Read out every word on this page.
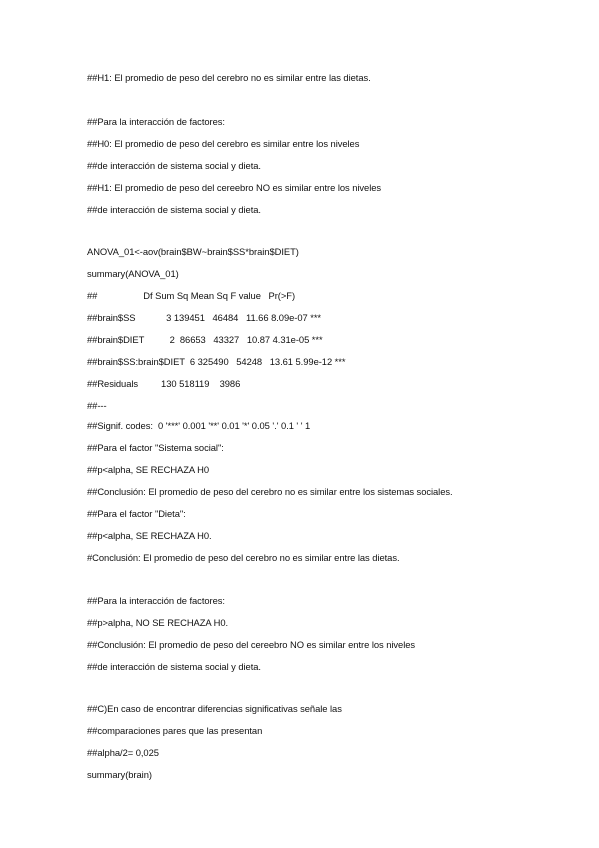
##H1: El promedio de peso del cerebro no es similar entre las dietas.
##Para la interacción de factores:
##H0: El promedio de peso del cerebro es similar entre los niveles
##de interacción de sistema social y dieta.
##H1: El promedio de peso del cereebro NO es similar entre los niveles
##de interacción de sistema social y dieta.
ANOVA_01<-aov(brain$BW~brain$SS*brain$DIET)
summary(ANOVA_01)
##                  Df Sum Sq Mean Sq F value   Pr(>F)
##brain$SS            3 139451   46484   11.66 8.09e-07 ***
##brain$DIET          2  86653   43327   10.87 4.31e-05 ***
##brain$SS:brain$DIET  6 325490   54248   13.61 5.99e-12 ***
##Residuals         130 518119    3986
##---
##Signif. codes:  0 '***' 0.001 '**' 0.01 '*' 0.05 '.' 0.1 ' ' 1
##Para el factor "Sistema social":
##p<alpha, SE RECHAZA H0
##Conclusión: El promedio de peso del cerebro no es similar entre los sistemas sociales.
##Para el factor "Dieta":
##p<alpha, SE RECHAZA H0.
#Conclusión: El promedio de peso del cerebro no es similar entre las dietas.
##Para la interacción de factores:
##p>alpha, NO SE RECHAZA H0.
##Conclusión: El promedio de peso del cereebro NO es similar entre los niveles
##de interacción de sistema social y dieta.
##C)En caso de encontrar diferencias significativas señale las
##comparaciones pares que las presentan
##alpha/2= 0,025
summary(brain)
